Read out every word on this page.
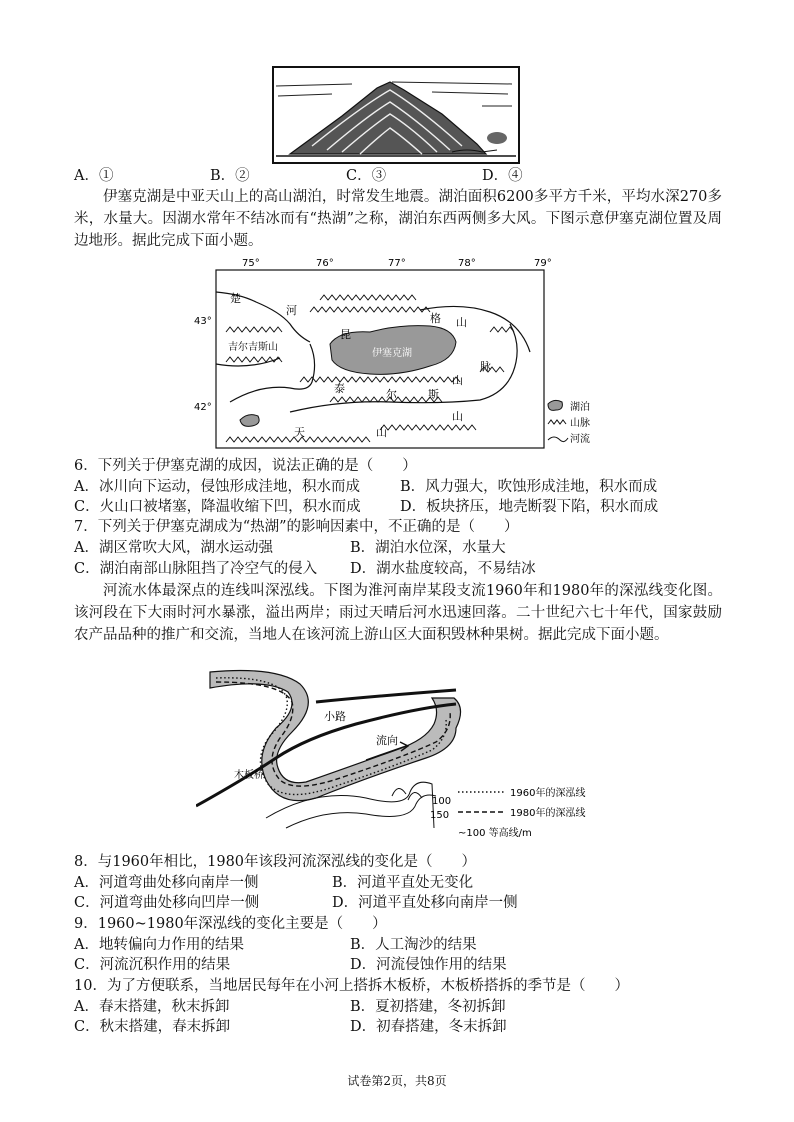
A．①	B．②	C．③	D．④
伊塞克湖是中亚天山上的高山湖泊，时常发生地震。湖泊面积6200多平方千米，平均水深270多米，水量大。因湖水常年不结冰而有“热湖”之称，湖泊东西两侧多大风。下图示意伊塞克湖位置及周边地形。据此完成下面小题。
75°	76°	77°	78°	79°
43°
42°
伊塞克湖
吉尔吉斯山
楚
河
昆
格 山
泰	尔	斯
山
脉
山
天	山
湖泊
山脉
河流
6．下列关于伊塞克湖的成因，说法正确的是（　　）
A．冰川向下运动，侵蚀形成洼地，积水而成	B．风力强大，吹蚀形成洼地，积水而成
C．火山口被堵塞，降温收缩下凹，积水而成	D．板块挤压，地壳断裂下陷，积水而成
7．下列关于伊塞克湖成为“热湖”的影响因素中，不正确的是（　　）
A．湖区常吹大风，湖水运动强	B．湖泊水位深，水量大
C．湖泊南部山脉阻挡了冷空气的侵入 D．湖水盐度较高，不易结冰
河流水体最深点的连线叫深泓线。下图为淮河南岸某段支流1960年和1980年的深泓线变化图。该河段在下大雨时河水暴涨，溢出两岸；雨过天晴后河水迅速回落。二十世纪六七十年代，国家鼓励农产品品种的推广和交流，当地人在该河流上游山区大面积毁林种果树。据此完成下面小题。
小路
流向
木板桥
100
150
1960年的深泓线
1980年的深泓线
~100 等高线/m
8．与1960年相比，1980年该段河流深泓线的变化是（　　）
A．河道弯曲处移向南岸一侧	B．河道平直处无变化
C．河道弯曲处移向凹岸一侧	D．河道平直处移向南岸一侧
9．1960~1980年深泓线的变化主要是（　　）
A．地转偏向力作用的结果	B．人工淘沙的结果
C．河流沉积作用的结果	D．河流侵蚀作用的结果
10．为了方便联系，当地居民每年在小河上搭拆木板桥，木板桥搭拆的季节是（　　）
A．春末搭建，秋末拆卸	B．夏初搭建，冬初拆卸
C．秋末搭建，春末拆卸	D．初春搭建，冬末拆卸
试卷第2页，共8页
